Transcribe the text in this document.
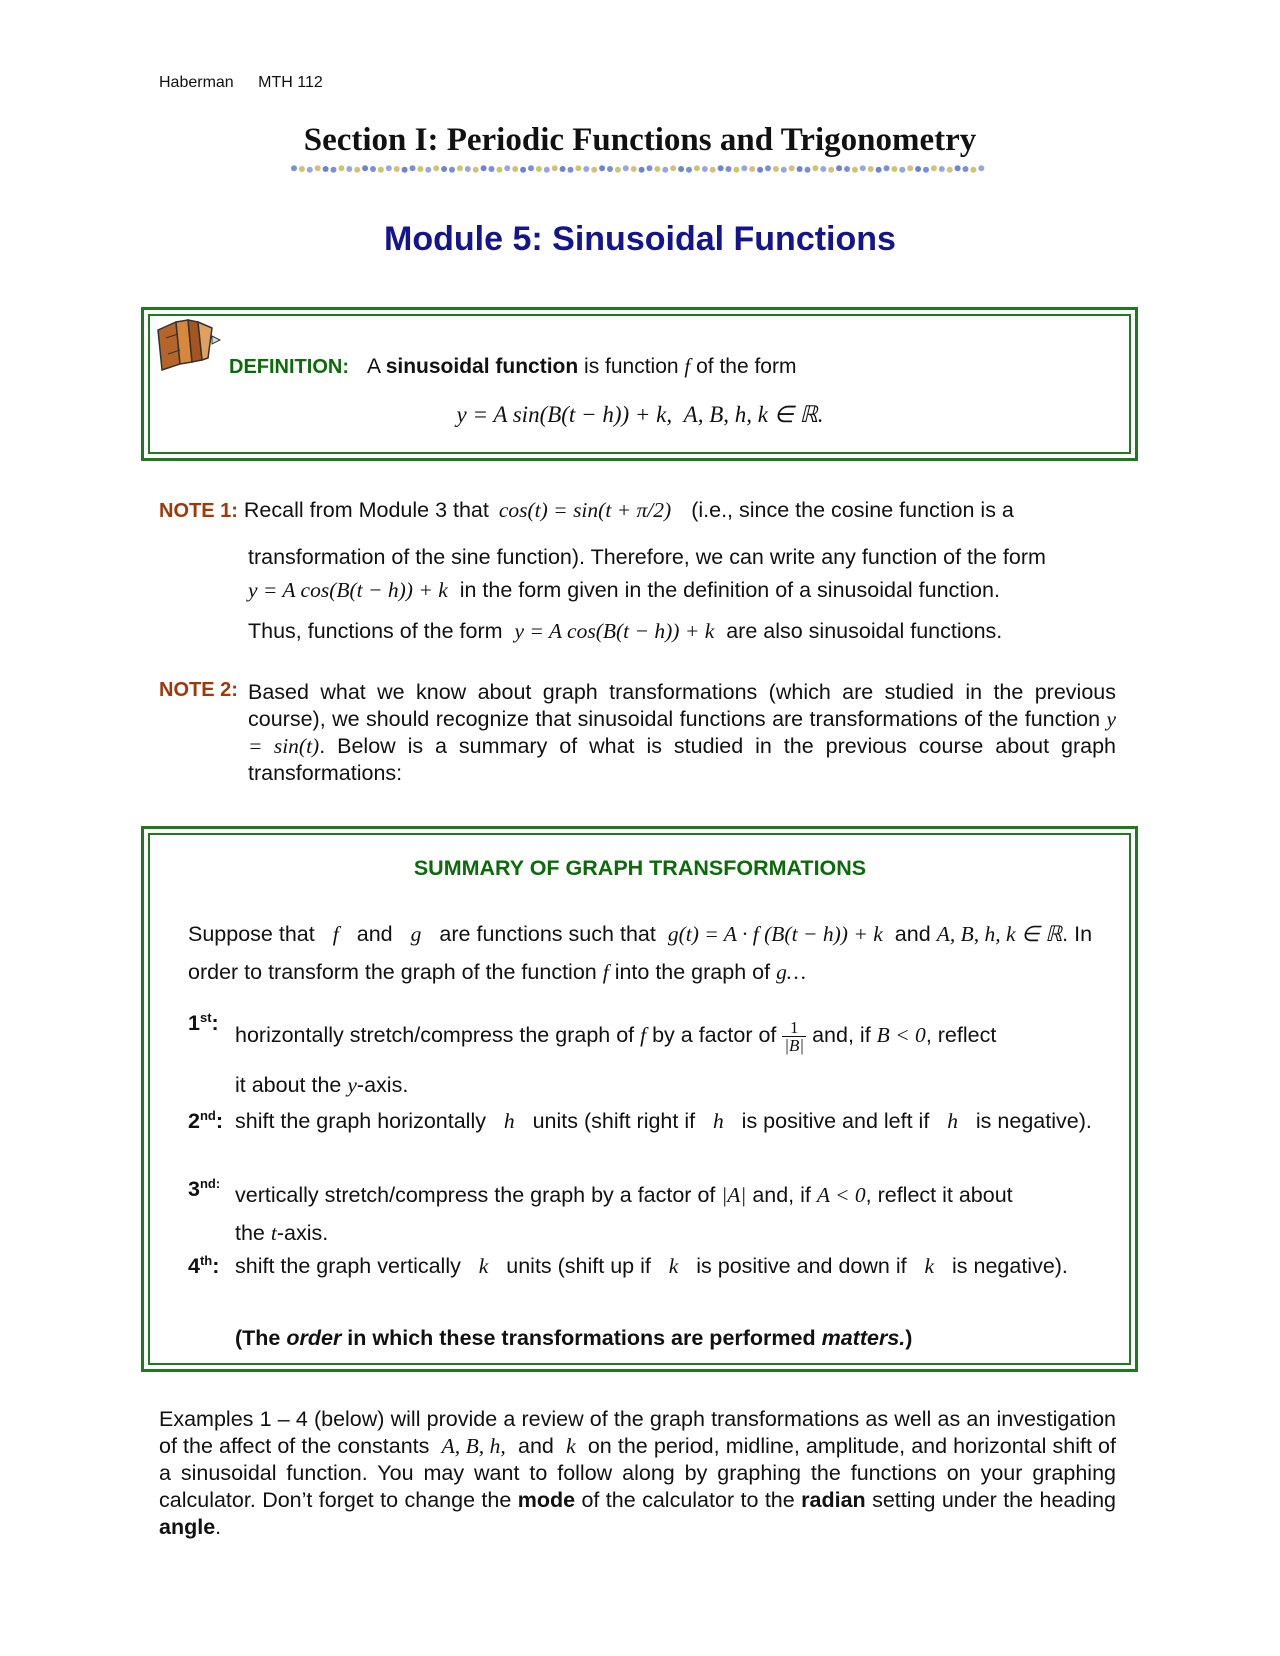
Haberman MTH 112
Section I: Periodic Functions and Trigonometry
Module 5: Sinusoidal Functions
DEFINITION: A sinusoidal function is function f of the form
y = A sin(B(t − h)) + k, A, B, h, k ∈ ℝ.
NOTE 1: Recall from Module 3 that cos(t) = sin(t + π/2) (i.e., since the cosine function is a
transformation of the sine function). Therefore, we can write any function of the form
y = A cos(B(t − h)) + k in the form given in the definition of a sinusoidal function.
Thus, functions of the form y = A cos(B(t − h)) + k are also sinusoidal functions.
NOTE 2: Based what we know about graph transformations (which are studied in the previous course), we should recognize that sinusoidal functions are transformations of the function y = sin(t). Below is a summary of what is studied in the previous course about graph transformations:
SUMMARY OF GRAPH TRANSFORMATIONS
Suppose that f and g are functions such that g(t) = A · f (B(t − h)) + k and A, B, h, k ∈ ℝ. In order to transform the graph of the function f into the graph of g…
1st: horizontally stretch/compress the graph of f by a factor of $\frac{1}{|B|}$ and, if B < 0, reflect
it about the y-axis.
2nd: shift the graph horizontally h units (shift right if h is positive and left if h is negative).
$3^{nd:}$ vertically stretch/compress the graph by a factor of |A| and, if A < 0, reflect it about
the t-axis.
4th: shift the graph vertically k units (shift up if k is positive and down if k is negative).
(The order in which these transformations are performed matters.)
Examples 1 – 4 (below) will provide a review of the graph transformations as well as an investigation of the affect of the constants A, B, h, and k on the period, midline, amplitude, and horizontal shift of a sinusoidal function. You may want to follow along by graphing the functions on your graphing calculator. Don’t forget to change the mode of the calculator to the radian setting under the heading angle.
